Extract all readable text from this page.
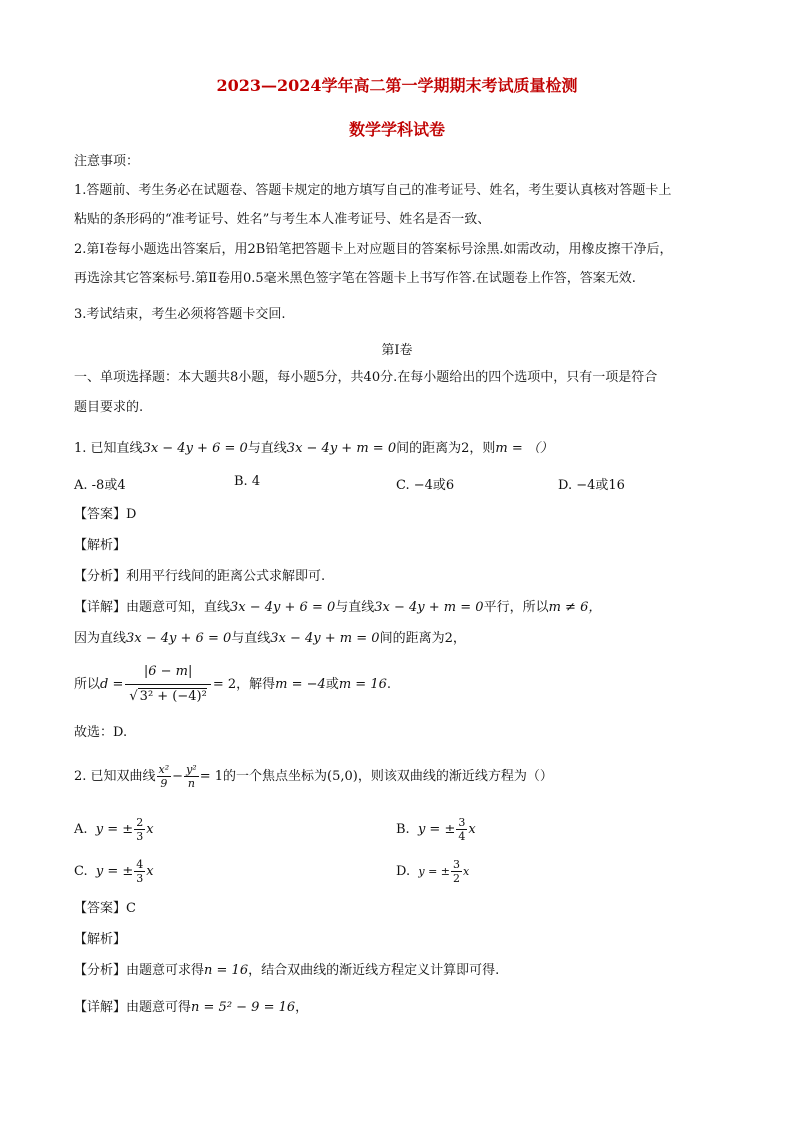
2023—2024学年高二第一学期期末考试质量检测
数学学科试卷
注意事项：
1.答题前、考生务必在试题卷、答题卡规定的地方填写自己的准考证号、姓名，考生要认真核对答题卡上
粘贴的条形码的“准考证号、姓名”与考生本人准考证号、姓名是否一致、
2.第Ⅰ卷每小题选出答案后，用2B铅笔把答题卡上对应题目的答案标号涂黑.如需改动，用橡皮擦干净后，
再选涂其它答案标号.第Ⅱ卷用0.5毫米黑色签字笔在答题卡上书写作答.在试题卷上作答，答案无效.
3.考试结束，考生必须将答题卡交回.
第Ⅰ卷
一、单项选择题：本大题共8小题，每小题5分，共40分.在每小题给出的四个选项中，只有一项是符合
题目要求的.
1. 已知直线3x − 4y + 6 = 0与直线3x − 4y + m = 0间的距离为2，则m = （）
A. -8或4	B. 4	C. −4或6	D. −4或16
【答案】D
【解析】
【分析】利用平行线间的距离公式求解即可.
【详解】由题意可知，直线3x − 4y + 6 = 0与直线3x − 4y + m = 0平行，所以m ≠ 6，
因为直线3x − 4y + 6 = 0与直线3x − 4y + m = 0间的距离为2，
所以$d = \frac{|6 - m|}{\text{√ 3² + (−4)²}} = 2$，解得m = −4或m = 16.
故选：D.
2. 已知双曲线 $\frac{\text{x²}}{9} - \frac{\text{y²}}{n} = 1$的一个焦点坐标为(5,0)，则该双曲线的渐近线方程为（）
A. y = ± $\frac{2}{3}$ x	B. y = ± $\frac{3}{4}$ x
C. y = ± $\frac{4}{3}$ x	D. y = ± $\frac{3}{2}$ x
【答案】C
【解析】
【分析】由题意可求得n = 16，结合双曲线的渐近线方程定义计算即可得.
【详解】由题意可得n = 5² − 9 = 16，
